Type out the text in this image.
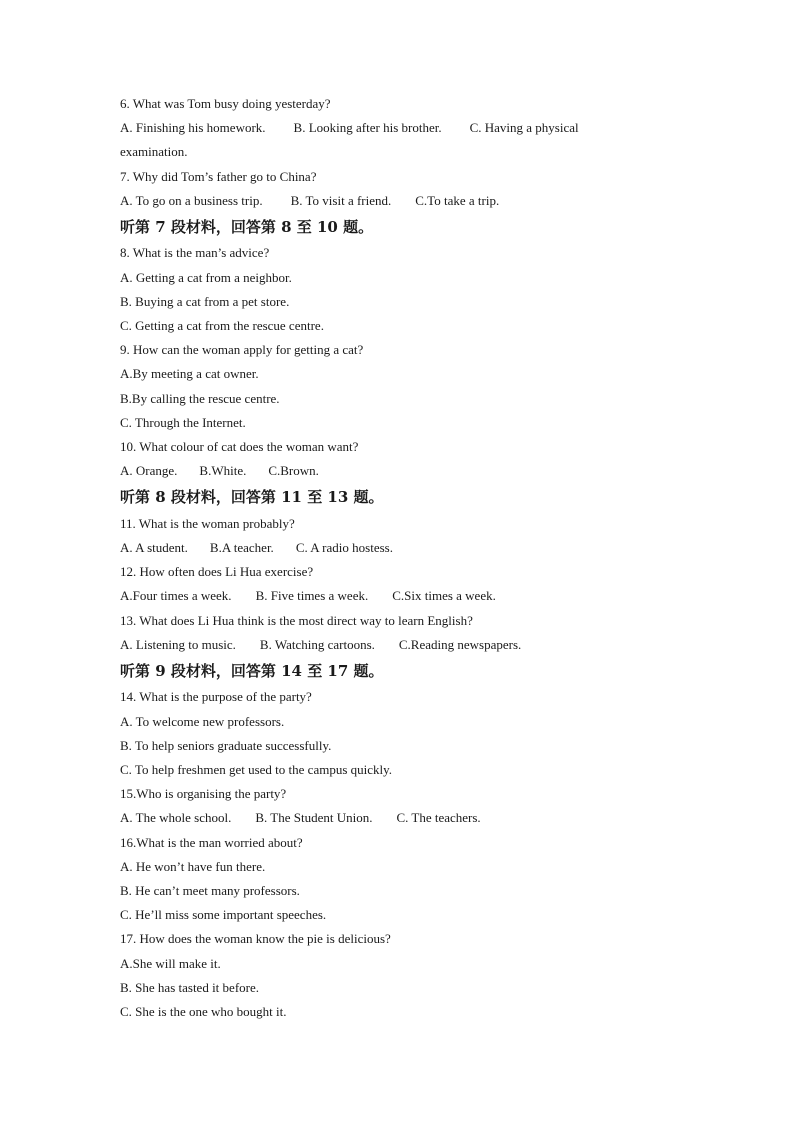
6. What was Tom busy doing yesterday?
A. Finishing his homework. B. Looking after his brother. C. Having a physical
examination.
7. Why did Tom’s father go to China?
A. To go on a business trip. B. To visit a friend. C.To take a trip.
听第 7 段材料，回答第 8 至 10 题。
8. What is the man’s advice?
A. Getting a cat from a neighbor.
B. Buying a cat from a pet store.
C. Getting a cat from the rescue centre.
9. How can the woman apply for getting a cat?
A.By meeting a cat owner.
B.By calling the rescue centre.
C. Through the Internet.
10. What colour of cat does the woman want?
A. Orange. B.White. C.Brown.
听第 8 段材料，回答第 11 至 13 题。
11. What is the woman probably?
A. A student. B.A teacher. C. A radio hostess.
12. How often does Li Hua exercise?
A.Four times a week. B. Five times a week. C.Six times a week.
13. What does Li Hua think is the most direct way to learn English?
A. Listening to music. B. Watching cartoons. C.Reading newspapers.
听第 9 段材料，回答第 14 至 17 题。
14. What is the purpose of the party?
A. To welcome new professors.
B. To help seniors graduate successfully.
C. To help freshmen get used to the campus quickly.
15.Who is organising the party?
A. The whole school. B. The Student Union. C. The teachers.
16.What is the man worried about?
A. He won’t have fun there.
B. He can’t meet many professors.
C. He’ll miss some important speeches.
17. How does the woman know the pie is delicious?
A.She will make it.
B. She has tasted it before.
C. She is the one who bought it.
